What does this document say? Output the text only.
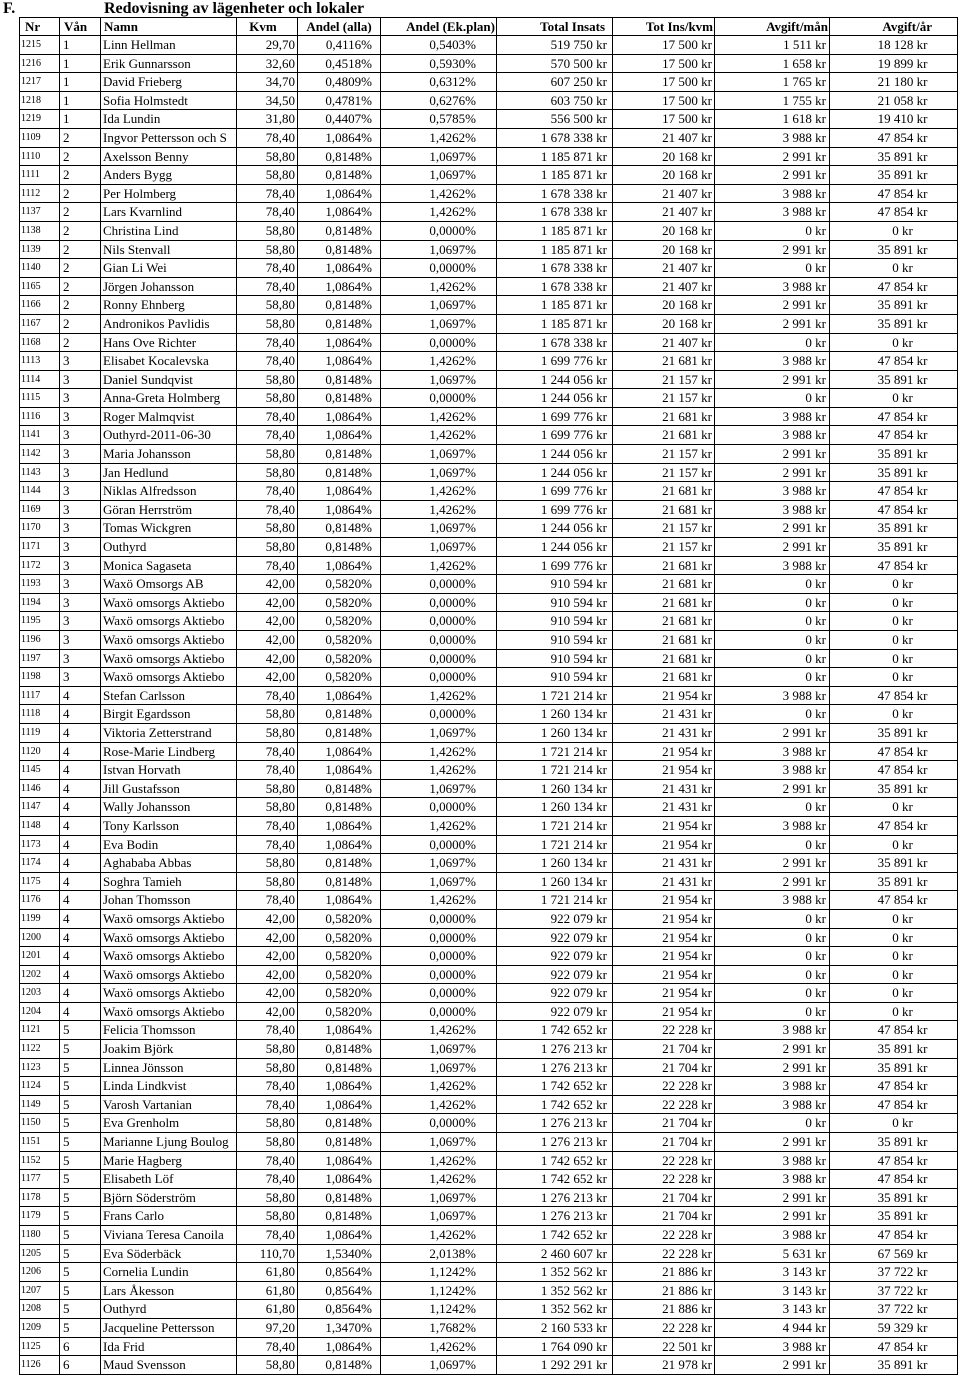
F.	Redovisning av lägenheter och lokaler
Nr	Vån	Namn	Kvm	Andel (alla)	Andel (Ek.plan)	Total Insats	Tot Ins/kvm	Avgift/mån	Avgift/år
1215	1	Linn Hellman	29,70	0,4116%	0,5403%	519 750 kr	17 500 kr	1 511 kr	18 128 kr
1216	1	Erik Gunnarsson	32,60	0,4518%	0,5930%	570 500 kr	17 500 kr	1 658 kr	19 899 kr
1217	1	David Frieberg	34,70	0,4809%	0,6312%	607 250 kr	17 500 kr	1 765 kr	21 180 kr
1218	1	Sofia Holmstedt	34,50	0,4781%	0,6276%	603 750 kr	17 500 kr	1 755 kr	21 058 kr
1219	1	Ida Lundin	31,80	0,4407%	0,5785%	556 500 kr	17 500 kr	1 618 kr	19 410 kr
1109	2	Ingvor Pettersson och S	78,40	1,0864%	1,4262%	1 678 338 kr	21 407 kr	3 988 kr	47 854 kr
1110	2	Axelsson Benny	58,80	0,8148%	1,0697%	1 185 871 kr	20 168 kr	2 991 kr	35 891 kr
1111	2	Anders Bygg	58,80	0,8148%	1,0697%	1 185 871 kr	20 168 kr	2 991 kr	35 891 kr
1112	2	Per Holmberg	78,40	1,0864%	1,4262%	1 678 338 kr	21 407 kr	3 988 kr	47 854 kr
1137	2	Lars Kvarnlind	78,40	1,0864%	1,4262%	1 678 338 kr	21 407 kr	3 988 kr	47 854 kr
1138	2	Christina Lind	58,80	0,8148%	0,0000%	1 185 871 kr	20 168 kr	0 kr	0 kr
1139	2	Nils Stenvall	58,80	0,8148%	1,0697%	1 185 871 kr	20 168 kr	2 991 kr	35 891 kr
1140	2	Gian Li Wei	78,40	1,0864%	0,0000%	1 678 338 kr	21 407 kr	0 kr	0 kr
1165	2	Jörgen Johansson	78,40	1,0864%	1,4262%	1 678 338 kr	21 407 kr	3 988 kr	47 854 kr
1166	2	Ronny Ehnberg	58,80	0,8148%	1,0697%	1 185 871 kr	20 168 kr	2 991 kr	35 891 kr
1167	2	Andronikos Pavlidis	58,80	0,8148%	1,0697%	1 185 871 kr	20 168 kr	2 991 kr	35 891 kr
1168	2	Hans Ove Richter	78,40	1,0864%	0,0000%	1 678 338 kr	21 407 kr	0 kr	0 kr
1113	3	Elisabet Kocalevska	78,40	1,0864%	1,4262%	1 699 776 kr	21 681 kr	3 988 kr	47 854 kr
1114	3	Daniel Sundqvist	58,80	0,8148%	1,0697%	1 244 056 kr	21 157 kr	2 991 kr	35 891 kr
1115	3	Anna-Greta Holmberg	58,80	0,8148%	0,0000%	1 244 056 kr	21 157 kr	0 kr	0 kr
1116	3	Roger Malmqvist	78,40	1,0864%	1,4262%	1 699 776 kr	21 681 kr	3 988 kr	47 854 kr
1141	3	Outhyrd-2011-06-30	78,40	1,0864%	1,4262%	1 699 776 kr	21 681 kr	3 988 kr	47 854 kr
1142	3	Maria Johansson	58,80	0,8148%	1,0697%	1 244 056 kr	21 157 kr	2 991 kr	35 891 kr
1143	3	Jan Hedlund	58,80	0,8148%	1,0697%	1 244 056 kr	21 157 kr	2 991 kr	35 891 kr
1144	3	Niklas Alfredsson	78,40	1,0864%	1,4262%	1 699 776 kr	21 681 kr	3 988 kr	47 854 kr
1169	3	Göran Herrström	78,40	1,0864%	1,4262%	1 699 776 kr	21 681 kr	3 988 kr	47 854 kr
1170	3	Tomas Wickgren	58,80	0,8148%	1,0697%	1 244 056 kr	21 157 kr	2 991 kr	35 891 kr
1171	3	Outhyrd	58,80	0,8148%	1,0697%	1 244 056 kr	21 157 kr	2 991 kr	35 891 kr
1172	3	Monica Sagaseta	78,40	1,0864%	1,4262%	1 699 776 kr	21 681 kr	3 988 kr	47 854 kr
1193	3	Waxö Omsorgs AB	42,00	0,5820%	0,0000%	910 594 kr	21 681 kr	0 kr	0 kr
1194	3	Waxö omsorgs Aktiebo	42,00	0,5820%	0,0000%	910 594 kr	21 681 kr	0 kr	0 kr
1195	3	Waxö omsorgs Aktiebo	42,00	0,5820%	0,0000%	910 594 kr	21 681 kr	0 kr	0 kr
1196	3	Waxö omsorgs Aktiebo	42,00	0,5820%	0,0000%	910 594 kr	21 681 kr	0 kr	0 kr
1197	3	Waxö omsorgs Aktiebo	42,00	0,5820%	0,0000%	910 594 kr	21 681 kr	0 kr	0 kr
1198	3	Waxö omsorgs Aktiebo	42,00	0,5820%	0,0000%	910 594 kr	21 681 kr	0 kr	0 kr
1117	4	Stefan Carlsson	78,40	1,0864%	1,4262%	1 721 214 kr	21 954 kr	3 988 kr	47 854 kr
1118	4	Birgit Egardsson	58,80	0,8148%	0,0000%	1 260 134 kr	21 431 kr	0 kr	0 kr
1119	4	Viktoria Zetterstrand	58,80	0,8148%	1,0697%	1 260 134 kr	21 431 kr	2 991 kr	35 891 kr
1120	4	Rose-Marie Lindberg	78,40	1,0864%	1,4262%	1 721 214 kr	21 954 kr	3 988 kr	47 854 kr
1145	4	Istvan Horvath	78,40	1,0864%	1,4262%	1 721 214 kr	21 954 kr	3 988 kr	47 854 kr
1146	4	Jill Gustafsson	58,80	0,8148%	1,0697%	1 260 134 kr	21 431 kr	2 991 kr	35 891 kr
1147	4	Wally Johansson	58,80	0,8148%	0,0000%	1 260 134 kr	21 431 kr	0 kr	0 kr
1148	4	Tony Karlsson	78,40	1,0864%	1,4262%	1 721 214 kr	21 954 kr	3 988 kr	47 854 kr
1173	4	Eva Bodin	78,40	1,0864%	0,0000%	1 721 214 kr	21 954 kr	0 kr	0 kr
1174	4	Aghababa Abbas	58,80	0,8148%	1,0697%	1 260 134 kr	21 431 kr	2 991 kr	35 891 kr
1175	4	Soghra Tamieh	58,80	0,8148%	1,0697%	1 260 134 kr	21 431 kr	2 991 kr	35 891 kr
1176	4	Johan Thomsson	78,40	1,0864%	1,4262%	1 721 214 kr	21 954 kr	3 988 kr	47 854 kr
1199	4	Waxö omsorgs Aktiebo	42,00	0,5820%	0,0000%	922 079 kr	21 954 kr	0 kr	0 kr
1200	4	Waxö omsorgs Aktiebo	42,00	0,5820%	0,0000%	922 079 kr	21 954 kr	0 kr	0 kr
1201	4	Waxö omsorgs Aktiebo	42,00	0,5820%	0,0000%	922 079 kr	21 954 kr	0 kr	0 kr
1202	4	Waxö omsorgs Aktiebo	42,00	0,5820%	0,0000%	922 079 kr	21 954 kr	0 kr	0 kr
1203	4	Waxö omsorgs Aktiebo	42,00	0,5820%	0,0000%	922 079 kr	21 954 kr	0 kr	0 kr
1204	4	Waxö omsorgs Aktiebo	42,00	0,5820%	0,0000%	922 079 kr	21 954 kr	0 kr	0 kr
1121	5	Felicia Thomsson	78,40	1,0864%	1,4262%	1 742 652 kr	22 228 kr	3 988 kr	47 854 kr
1122	5	Joakim Björk	58,80	0,8148%	1,0697%	1 276 213 kr	21 704 kr	2 991 kr	35 891 kr
1123	5	Linnea Jönsson	58,80	0,8148%	1,0697%	1 276 213 kr	21 704 kr	2 991 kr	35 891 kr
1124	5	Linda Lindkvist	78,40	1,0864%	1,4262%	1 742 652 kr	22 228 kr	3 988 kr	47 854 kr
1149	5	Varosh Vartanian	78,40	1,0864%	1,4262%	1 742 652 kr	22 228 kr	3 988 kr	47 854 kr
1150	5	Eva Grenholm	58,80	0,8148%	0,0000%	1 276 213 kr	21 704 kr	0 kr	0 kr
1151	5	Marianne Ljung Boulog	58,80	0,8148%	1,0697%	1 276 213 kr	21 704 kr	2 991 kr	35 891 kr
1152	5	Marie Hagberg	78,40	1,0864%	1,4262%	1 742 652 kr	22 228 kr	3 988 kr	47 854 kr
1177	5	Elisabeth Löf	78,40	1,0864%	1,4262%	1 742 652 kr	22 228 kr	3 988 kr	47 854 kr
1178	5	Björn Söderström	58,80	0,8148%	1,0697%	1 276 213 kr	21 704 kr	2 991 kr	35 891 kr
1179	5	Frans Carlo	58,80	0,8148%	1,0697%	1 276 213 kr	21 704 kr	2 991 kr	35 891 kr
1180	5	Viviana Teresa Canoila	78,40	1,0864%	1,4262%	1 742 652 kr	22 228 kr	3 988 kr	47 854 kr
1205	5	Eva Söderbäck	110,70	1,5340%	2,0138%	2 460 607 kr	22 228 kr	5 631 kr	67 569 kr
1206	5	Cornelia Lundin	61,80	0,8564%	1,1242%	1 352 562 kr	21 886 kr	3 143 kr	37 722 kr
1207	5	Lars Åkesson	61,80	0,8564%	1,1242%	1 352 562 kr	21 886 kr	3 143 kr	37 722 kr
1208	5	Outhyrd	61,80	0,8564%	1,1242%	1 352 562 kr	21 886 kr	3 143 kr	37 722 kr
1209	5	Jacqueline Pettersson	97,20	1,3470%	1,7682%	2 160 533 kr	22 228 kr	4 944 kr	59 329 kr
1125	6	Ida Frid	78,40	1,0864%	1,4262%	1 764 090 kr	22 501 kr	3 988 kr	47 854 kr
1126	6	Maud Svensson	58,80	0,8148%	1,0697%	1 292 291 kr	21 978 kr	2 991 kr	35 891 kr
